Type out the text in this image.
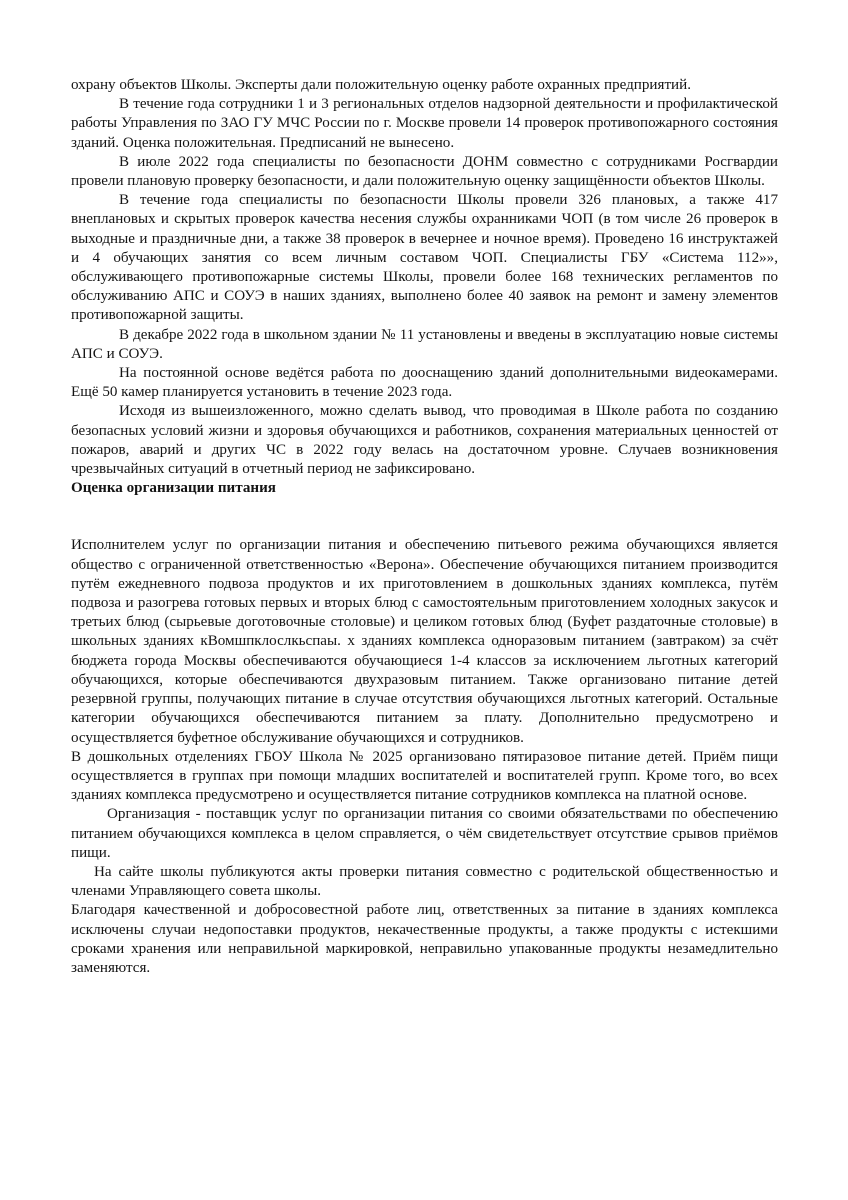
охрану объектов Школы. Эксперты дали положительную оценку работе охранных предприятий.

В течение года сотрудники 1 и 3 региональных отделов надзорной деятельности и профилактической работы Управления по ЗАО ГУ МЧС России по г. Москве провели 14 проверок противопожарного состояния зданий. Оценка положительная. Предписаний не вынесено.

В июле 2022 года специалисты по безопасности ДОНМ совместно с сотрудниками Росгвардии провели плановую проверку безопасности, и дали положительную оценку защищённости объектов Школы.

В течение года специалисты по безопасности Школы провели 326 плановых, а также 417 внеплановых и скрытых проверок качества несения службы охранниками ЧОП (в том числе 26 проверок в выходные и праздничные дни, а также 38 проверок в вечернее и ночное время). Проведено 16 инструктажей и 4 обучающих занятия со всем личным составом ЧОП. Специалисты ГБУ «Система 112»», обслуживающего противопожарные системы Школы, провели более 168 технических регламентов по обслуживанию АПС и СОУЭ в наших зданиях, выполнено более 40 заявок на ремонт и замену элементов противопожарной защиты.

В декабре 2022 года в школьном здании № 11 установлены и введены в эксплуатацию новые системы АПС и СОУЭ.

На постоянной основе ведётся работа по дооснащению зданий дополнительными видеокамерами. Ещё 50 камер планируется установить в течение 2023 года.

Исходя из вышеизложенного, можно сделать вывод, что проводимая в Школе работа по созданию безопасных условий жизни и здоровья обучающихся и работников, сохранения материальных ценностей от пожаров, аварий и других ЧС в 2022 году велась на достаточном уровне. Случаев возникновения чрезвычайных ситуаций в отчетный период не зафиксировано.

Оценка организации питания

Исполнителем услуг по организации питания и обеспечению питьевого режима обучающихся является общество с ограниченной ответственностью «Верона». Обеспечение обучающихся питанием производится путём ежедневного подвоза продуктов и их приготовлением в дошкольных зданиях комплекса, путём подвоза и разогрева готовых первых и вторых блюд с самостоятельным приготовлением холодных закусок и третьих блюд (сырьевые доготовочные столовые) и целиком готовых блюд (Буфет раздаточные столовые) в школьных зданиях кВомшпклослкьспаы. х зданиях комплекса одноразовым питанием (завтраком) за счёт бюджета города Москвы обеспечиваются обучающиеся 1-4 классов за исключением льготных категорий обучающихся, которые обеспечиваются двухразовым питанием. Также организовано питание детей резервной группы, получающих питание в случае отсутствия обучающихся льготных категорий. Остальные категории обучающихся обеспечиваются питанием за плату. Дополнительно предусмотрено и осуществляется буфетное обслуживание обучающихся и сотрудников.

В дошкольных отделениях ГБОУ Школа № 2025 организовано пятиразовое питание детей. Приём пищи осуществляется в группах при помощи младших воспитателей и воспитателей групп. Кроме того, во всех зданиях комплекса предусмотрено и осуществляется питание сотрудников комплекса на платной основе.

Организация - поставщик услуг по организации питания со своими обязательствами по обеспечению питанием обучающихся комплекса в целом справляется, о чём свидетельствует отсутствие срывов приёмов пищи.

На сайте школы публикуются акты проверки питания совместно с родительской общественностью и членами Управляющего совета школы.

Благодаря качественной и добросовестной работе лиц, ответственных за питание в зданиях комплекса исключены случаи недопоставки продуктов, некачественные продукты, а также продукты с истекшими сроками хранения или неправильной маркировкой, неправильно упакованные продукты незамедлительно заменяются.
